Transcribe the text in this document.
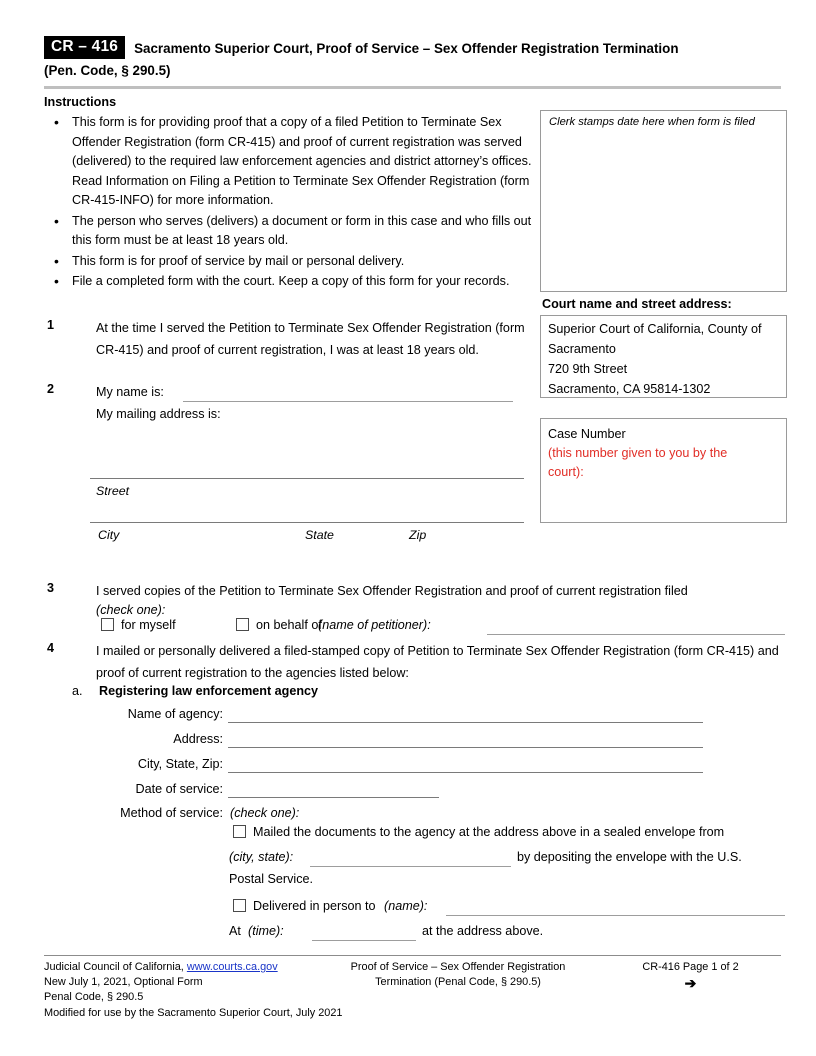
CR – 416	Sacramento Superior Court, Proof of Service – Sex Offender Registration Termination
(Pen. Code, § 290.5)
Instructions
•	This form is for providing proof that a copy of a filed Petition to Terminate Sex Offender Registration (form CR-415) and proof of current registration was served (delivered) to the required law enforcement agencies and district attorney’s offices. Read Information on Filing a Petition to Terminate Sex Offender Registration (form CR-415-INFO) for more information.
•	The person who serves (delivers) a document or form in this case and who fills out this form must be at least 18 years old.
•	This form is for proof of service by mail or personal delivery.
•	File a completed form with the court. Keep a copy of this form for your records.
Clerk stamps date here when form is filed
Court name and street address:
Superior Court of California, County of
Sacramento
720 9th Street
Sacramento, CA 95814-1302
Case Number
(this number given to you by the
court):
1	At the time I served the Petition to Terminate Sex Offender Registration (form CR-415) and proof of current registration, I was at least 18 years old.
2	My name is:
My mailing address is:
Street
City	State	Zip
3	I served copies of the Petition to Terminate Sex Offender Registration and proof of current registration filed
(check one):
for myself	on behalf of
(name of petitioner):
4	I mailed or personally delivered a filed-stamped copy of Petition to Terminate Sex Offender Registration (form CR-415) and proof of current registration to the agencies listed below:
a. Registering law enforcement agency
Name of agency:
Address:
City, State, Zip:
Date of service:
Method of service: (check one):
Mailed the documents to the agency at the address above in a sealed envelope from
(city, state):	by depositing the envelope with the U.S.
Postal Service.
Delivered in person to (name):
At (time):	at the address above.
Judicial Council of California, www.courts.ca.gov
New July 1, 2021, Optional Form
Penal Code, § 290.5
Modified for use by the Sacramento Superior Court, July 2021
Proof of Service – Sex Offender Registration
Termination (Penal Code, § 290.5)
CR-416 Page 1 of 2
➔
